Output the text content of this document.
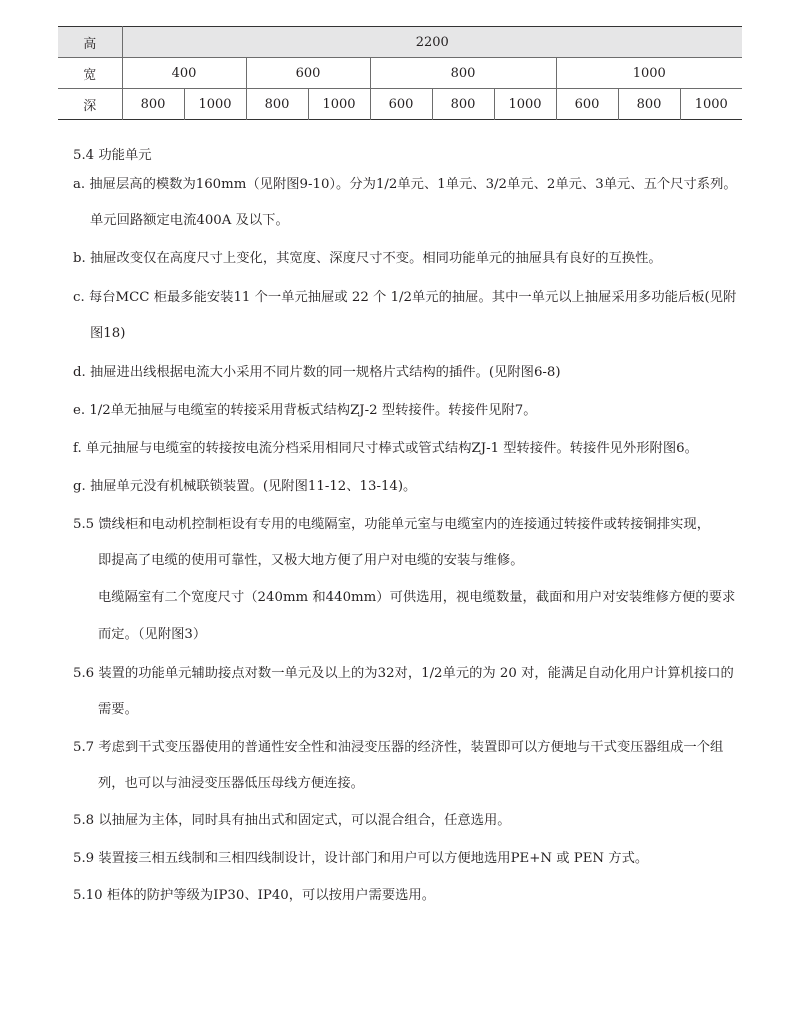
高	2200									
宽	400		600		800			1000		
深	800	1000	800	1000	600	800	1000	600	800	1000

5.4 功能单元

a. 抽屉层高的模数为160mm（见附图9-10）。分为1/2单元、1单元、3/2单元、2单元、3单元、五个尺寸系列。

单元回路额定电流400A 及以下。

b. 抽屉改变仅在高度尺寸上变化，其宽度、深度尺寸不变。相同功能单元的抽屉具有良好的互换性。

c. 每台MCC 柜最多能安装11 个一单元抽屉或 22 个 1/2单元的抽屉。其中一单元以上抽屉采用多功能后板(见附

图18)

d. 抽屉进出线根据电流大小采用不同片数的同一规格片式结构的插件。(见附图6-8)

e. 1/2单无抽屉与电缆室的转接采用背板式结构ZJ-2 型转接件。转接件见附7。

f. 单元抽屉与电缆室的转接按电流分档采用相同尺寸棒式或管式结构ZJ-1 型转接件。转接件见外形附图6。

g. 抽屉单元没有机械联锁装置。(见附图11-12、13-14)。

5.5 馈线柜和电动机控制柜设有专用的电缆隔室，功能单元室与电缆室内的连接通过转接件或转接铜排实现，

即提高了电缆的使用可靠性，又极大地方便了用户对电缆的安装与维修。

电缆隔室有二个宽度尺寸（240mm 和440mm）可供选用，视电缆数量，截面和用户对安装维修方便的要求

而定。（见附图3）

5.6 装置的功能单元辅助接点对数一单元及以上的为32对，1/2单元的为 20 对，能满足自动化用户计算机接口的

需要。

5.7 考虑到干式变压器使用的普通性安全性和油浸变压器的经济性，装置即可以方便地与干式变压器组成一个组

列，也可以与油浸变压器低压母线方便连接。

5.8 以抽屉为主体，同时具有抽出式和固定式，可以混合组合，任意选用。

5.9 装置接三相五线制和三相四线制设计，设计部门和用户可以方便地选用PE+N 或 PEN 方式。

5.10 柜体的防护等级为IP30、IP40，可以按用户需要选用。
